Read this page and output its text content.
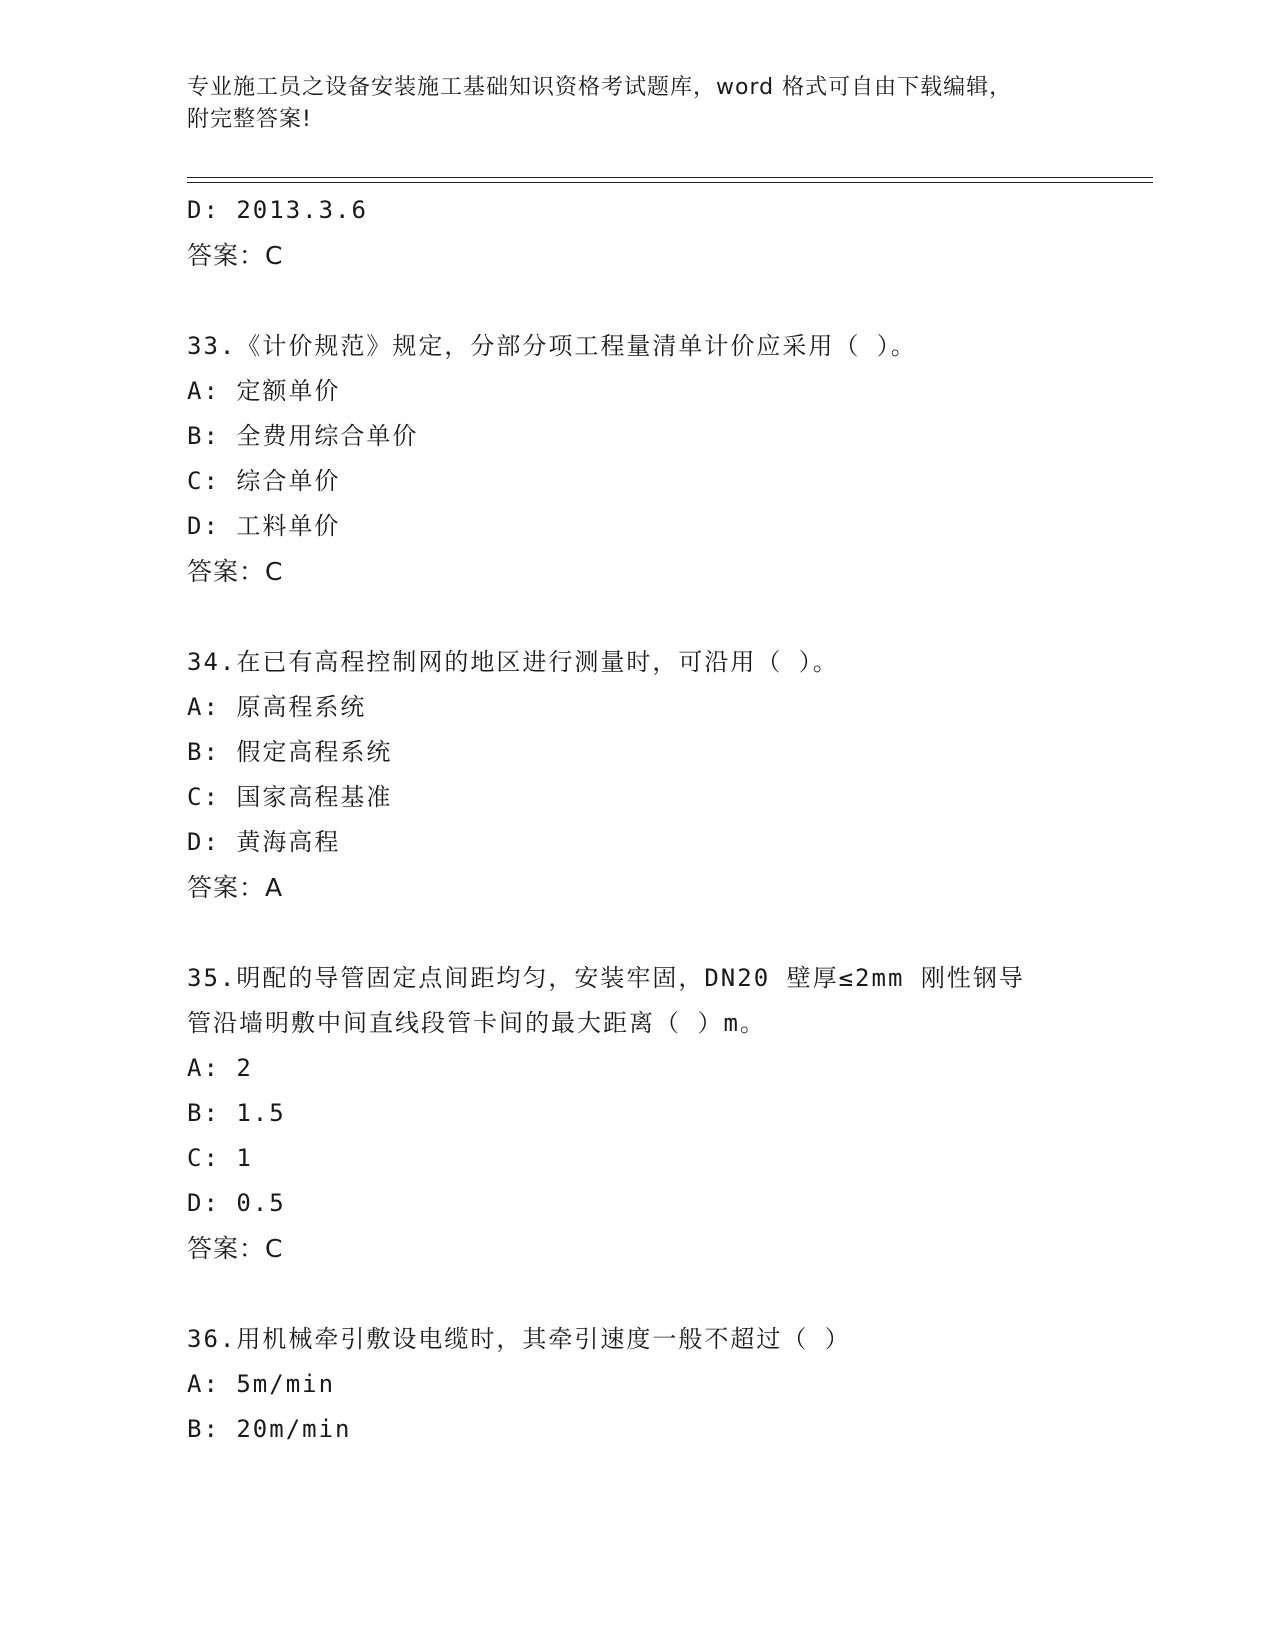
专业施工员之设备安装施工基础知识资格考试题库，word 格式可自由下载编辑，
附完整答案!
D: 2013.3.6
答案：C
33.《计价规范》规定，分部分项工程量清单计价应采用（ ）。
A: 定额单价
B: 全费用综合单价
C: 综合单价
D: 工料单价
答案：C
34.在已有高程控制网的地区进行测量时，可沿用（ ）。
A: 原高程系统
B: 假定高程系统
C: 国家高程基准
D: 黄海高程
答案：A
35.明配的导管固定点间距均匀，安装牢固，DN20 壁厚≤2mm 刚性钢导
管沿墙明敷中间直线段管卡间的最大距离（ ）m。
A: 2
B: 1.5
C: 1
D: 0.5
答案：C
36.用机械牵引敷设电缆时，其牵引速度一般不超过（ ）
A: 5m/min
B: 20m/min
